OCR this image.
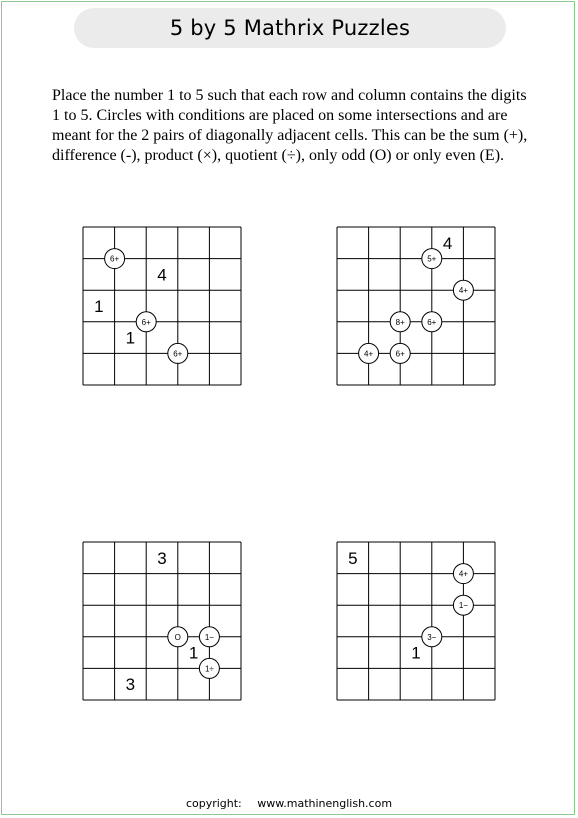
5 by 5 Mathrix Puzzles

Place the number 1 to 5 such that each row and column contains the digits 1 to 5. Circles with conditions are placed on some intersections and are meant for the 2 pairs of diagonally adjacent cells. This can be the sum (+), difference (-), product (×), quotient (÷), only odd (O) or only even (E).

4
1
1
6+
6+
6+
4
5+
4+
8+	6+
4+	6+
3
1
3
O	1−
1÷
5
1
4+
1−
3−
copyright: www.mathinenglish.com
